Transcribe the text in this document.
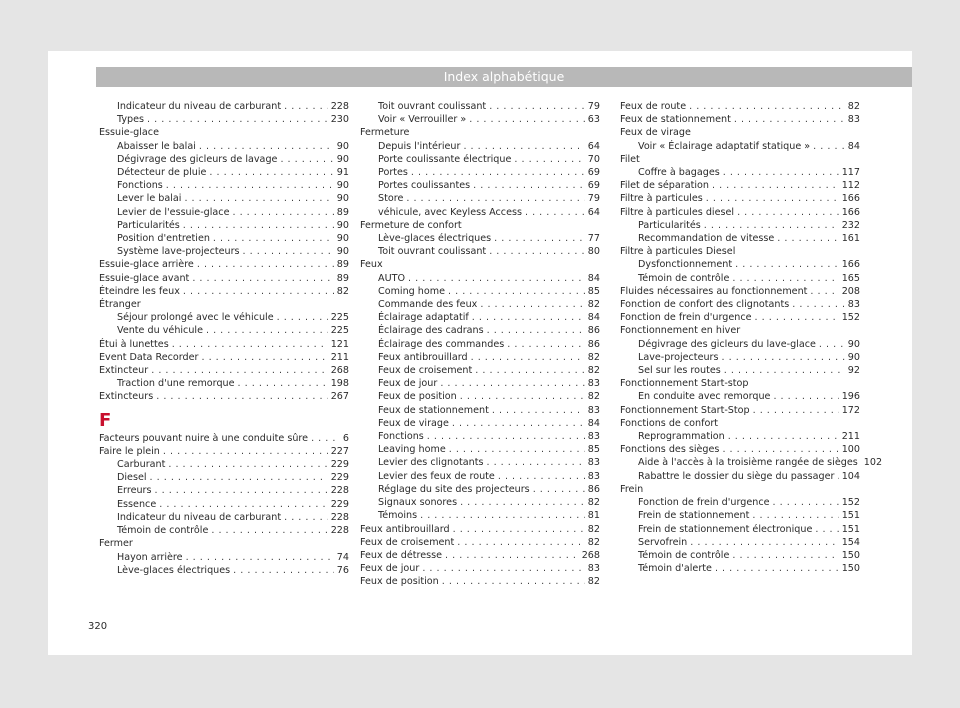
Index alphabétique
Indicateur du niveau de carburant . . .	228
Types . . .	230
Essuie-glace
Abaisser le balai . . .	90
Dégivrage des gicleurs de lavage . . .	90
Détecteur de pluie . . .	91
Fonctions . . .	90
Lever le balai . . .	90
Levier de l'essuie-glace . . .	89
Particularités . . .	90
Position d'entretien . . .	90
Système lave-projecteurs . . .	90
Essuie-glace arrière . . .	89
Essuie-glace avant . . .	89
Éteindre les feux . . .	82
Étranger
Séjour prolongé avec le véhicule . . .	225
Vente du véhicule . . .	225
Étui à lunettes . . .	121
Event Data Recorder . . .	211
Extincteur . . .	268
Traction d'une remorque . . .	198
Extincteurs . . .	267
F
Facteurs pouvant nuire à une conduite sûre . . .	6
Faire le plein . . .	227
Carburant . . .	229
Diesel . . .	229
Erreurs . . .	228
Essence . . .	229
Indicateur du niveau de carburant . . .	228
Témoin de contrôle . . .	228
Fermer
Hayon arrière . . .	74
Lève-glaces électriques . . .	76
Toit ouvrant coulissant . . .	79
Voir « Verrouiller » . . .	63
Fermeture
Depuis l'intérieur . . .	64
Porte coulissante électrique . . .	70
Portes . . .	69
Portes coulissantes . . .	69
Store . . .	79
véhicule, avec Keyless Access . . .	64
Fermeture de confort
Lève-glaces électriques . . .	77
Toit ouvrant coulissant . . .	80
Feux
AUTO . . .	84
Coming home . . .	85
Commande des feux . . .	82
Éclairage adaptatif . . .	84
Éclairage des cadrans . . .	86
Éclairage des commandes . . .	86
Feux antibrouillard . . .	82
Feux de croisement . . .	82
Feux de jour . . .	83
Feux de position . . .	82
Feux de stationnement . . .	83
Feux de virage . . .	84
Fonctions . . .	83
Leaving home . . .	85
Levier des clignotants . . .	83
Levier des feux de route . . .	83
Réglage du site des projecteurs . . .	86
Signaux sonores . . .	82
Témoins . . .	81
Feux antibrouillard . . .	82
Feux de croisement . . .	82
Feux de détresse . . .	268
Feux de jour . . .	83
Feux de position . . .	82
Feux de route . . .	82
Feux de stationnement . . .	83
Feux de virage
Voir « Éclairage adaptatif statique » . . .	84
Filet
Coffre à bagages . . .	117
Filet de séparation . . .	112
Filtre à particules . . .	166
Filtre à particules diesel . . .	166
Particularités . . .	232
Recommandation de vitesse . . .	161
Filtre à particules Diesel
Dysfonctionnement . . .	166
Témoin de contrôle . . .	165
Fluides nécessaires au fonctionnement . . .	208
Fonction de confort des clignotants . . .	83
Fonction de frein d'urgence . . .	152
Fonctionnement en hiver
Dégivrage des gicleurs du lave-glace . . .	90
Lave-projecteurs . . .	90
Sel sur les routes . . .	92
Fonctionnement Start-stop
En conduite avec remorque . . .	196
Fonctionnement Start-Stop . . .	172
Fonctions de confort
Reprogrammation . . .	211
Fonctions des sièges . . .	100
Aide à l'accès à la troisième rangée de sièges 102
Rabattre le dossier du siège du passager . . . 104
Frein
Fonction de frein d'urgence . . .	152
Frein de stationnement . . .	151
Frein de stationnement électronique . . .	151
Servofrein . . .	154
Témoin de contrôle . . .	150
Témoin d'alerte . . .	150
320
